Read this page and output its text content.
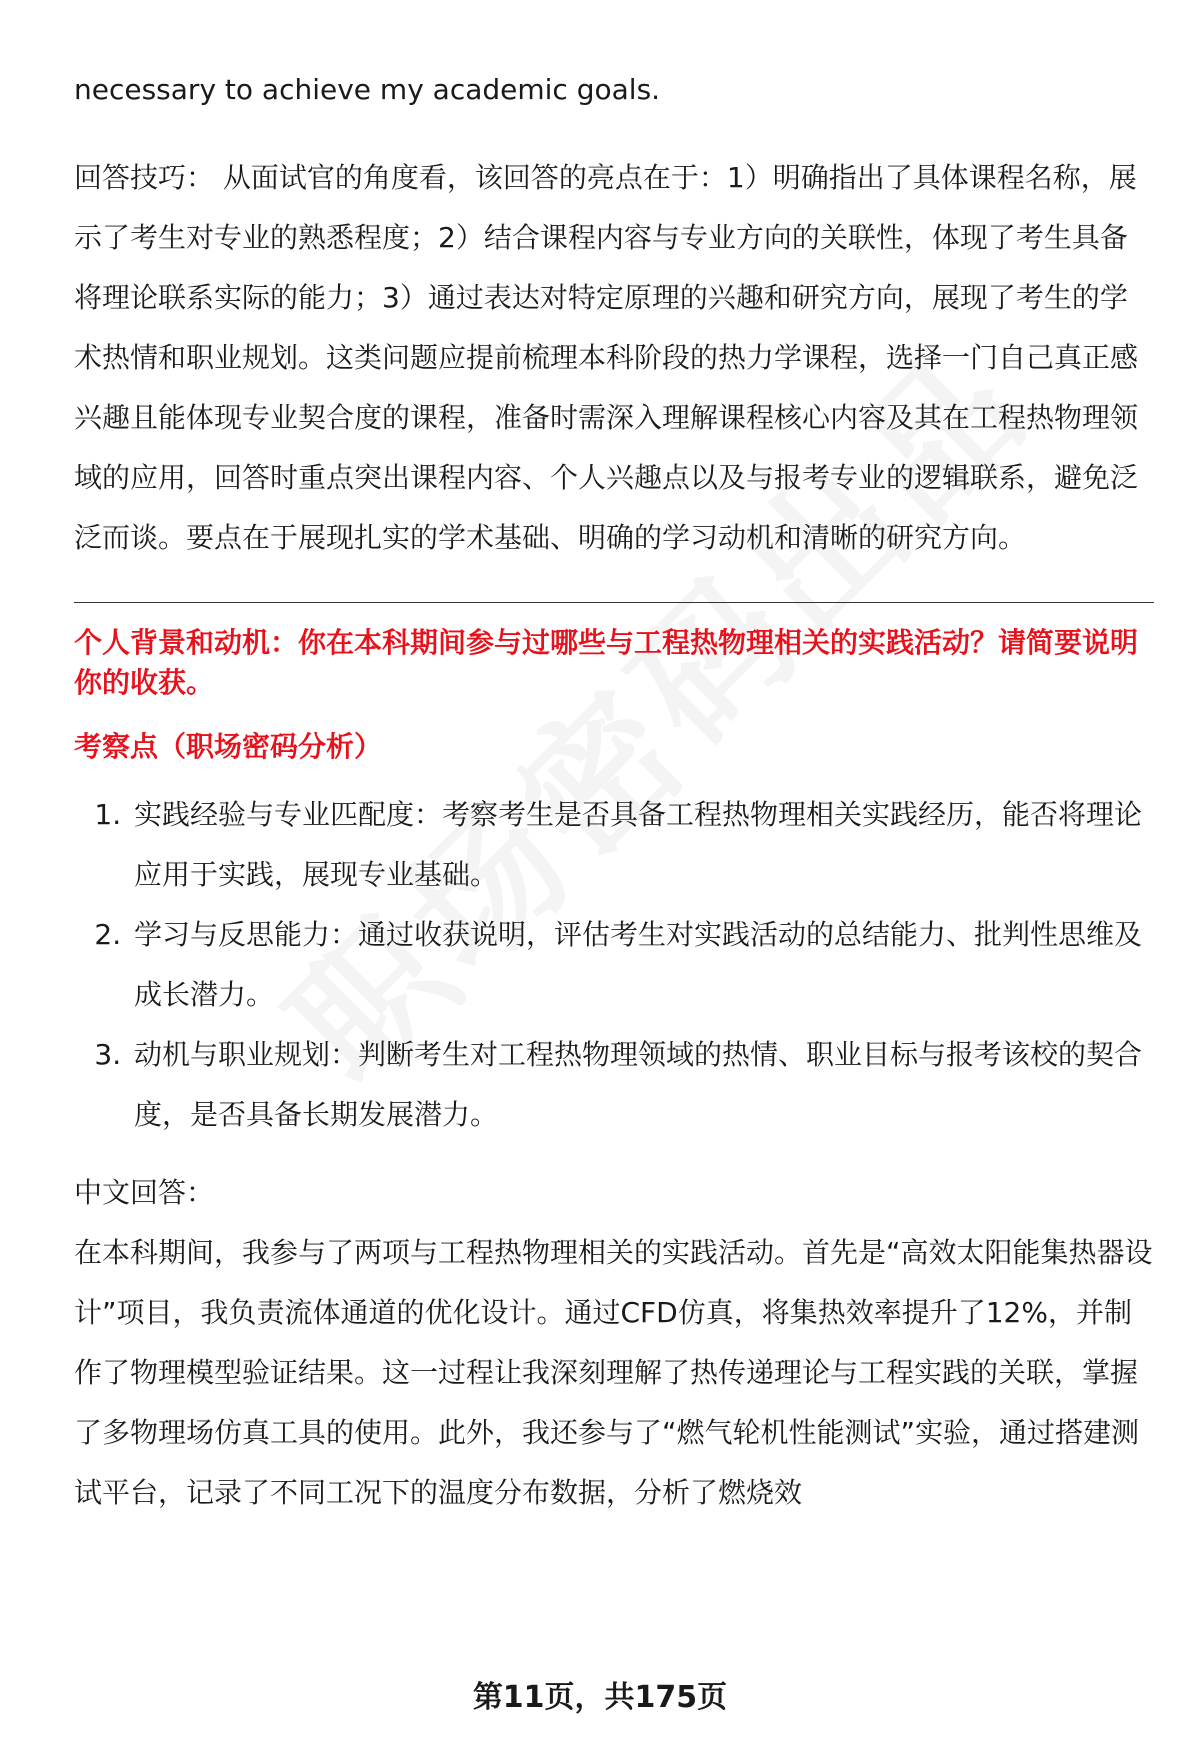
necessary to achieve my academic goals.

回答技巧： 从面试官的角度看，该回答的亮点在于：1）明确指出了具体课程名称，展示了考生对专业的熟悉程度；2）结合课程内容与专业方向的关联性，体现了考生具备将理论联系实际的能力；3）通过表达对特定原理的兴趣和研究方向，展现了考生的学术热情和职业规划。这类问题应提前梳理本科阶段的热力学课程，选择一门自己真正感兴趣且能体现专业契合度的课程，准备时需深入理解课程核心内容及其在工程热物理领域的应用，回答时重点突出课程内容、个人兴趣点以及与报考专业的逻辑联系，避免泛泛而谈。要点在于展现扎实的学术基础、明确的学习动机和清晰的研究方向。

个人背景和动机：你在本科期间参与过哪些与工程热物理相关的实践活动？请简要说明你的收获。

考察点（职场密码分析）

1. 实践经验与专业匹配度：考察考生是否具备工程热物理相关实践经历，能否将理论应用于实践，展现专业基础。
2. 学习与反思能力：通过收获说明，评估考生对实践活动的总结能力、批判性思维及成长潜力。
3. 动机与职业规划：判断考生对工程热物理领域的热情、职业目标与报考该校的契合度，是否具备长期发展潜力。

中文回答：

在本科期间，我参与了两项与工程热物理相关的实践活动。首先是“高效太阳能集热器设计”项目，我负责流体通道的优化设计。通过CFD仿真，将集热效率提升了12%，并制作了物理模型验证结果。这一过程让我深刻理解了热传递理论与工程实践的关联，掌握了多物理场仿真工具的使用。此外，我还参与了“燃气轮机性能测试”实验，通过搭建测试平台，记录了不同工况下的温度分布数据，分析了燃烧效

第11页，共175页
